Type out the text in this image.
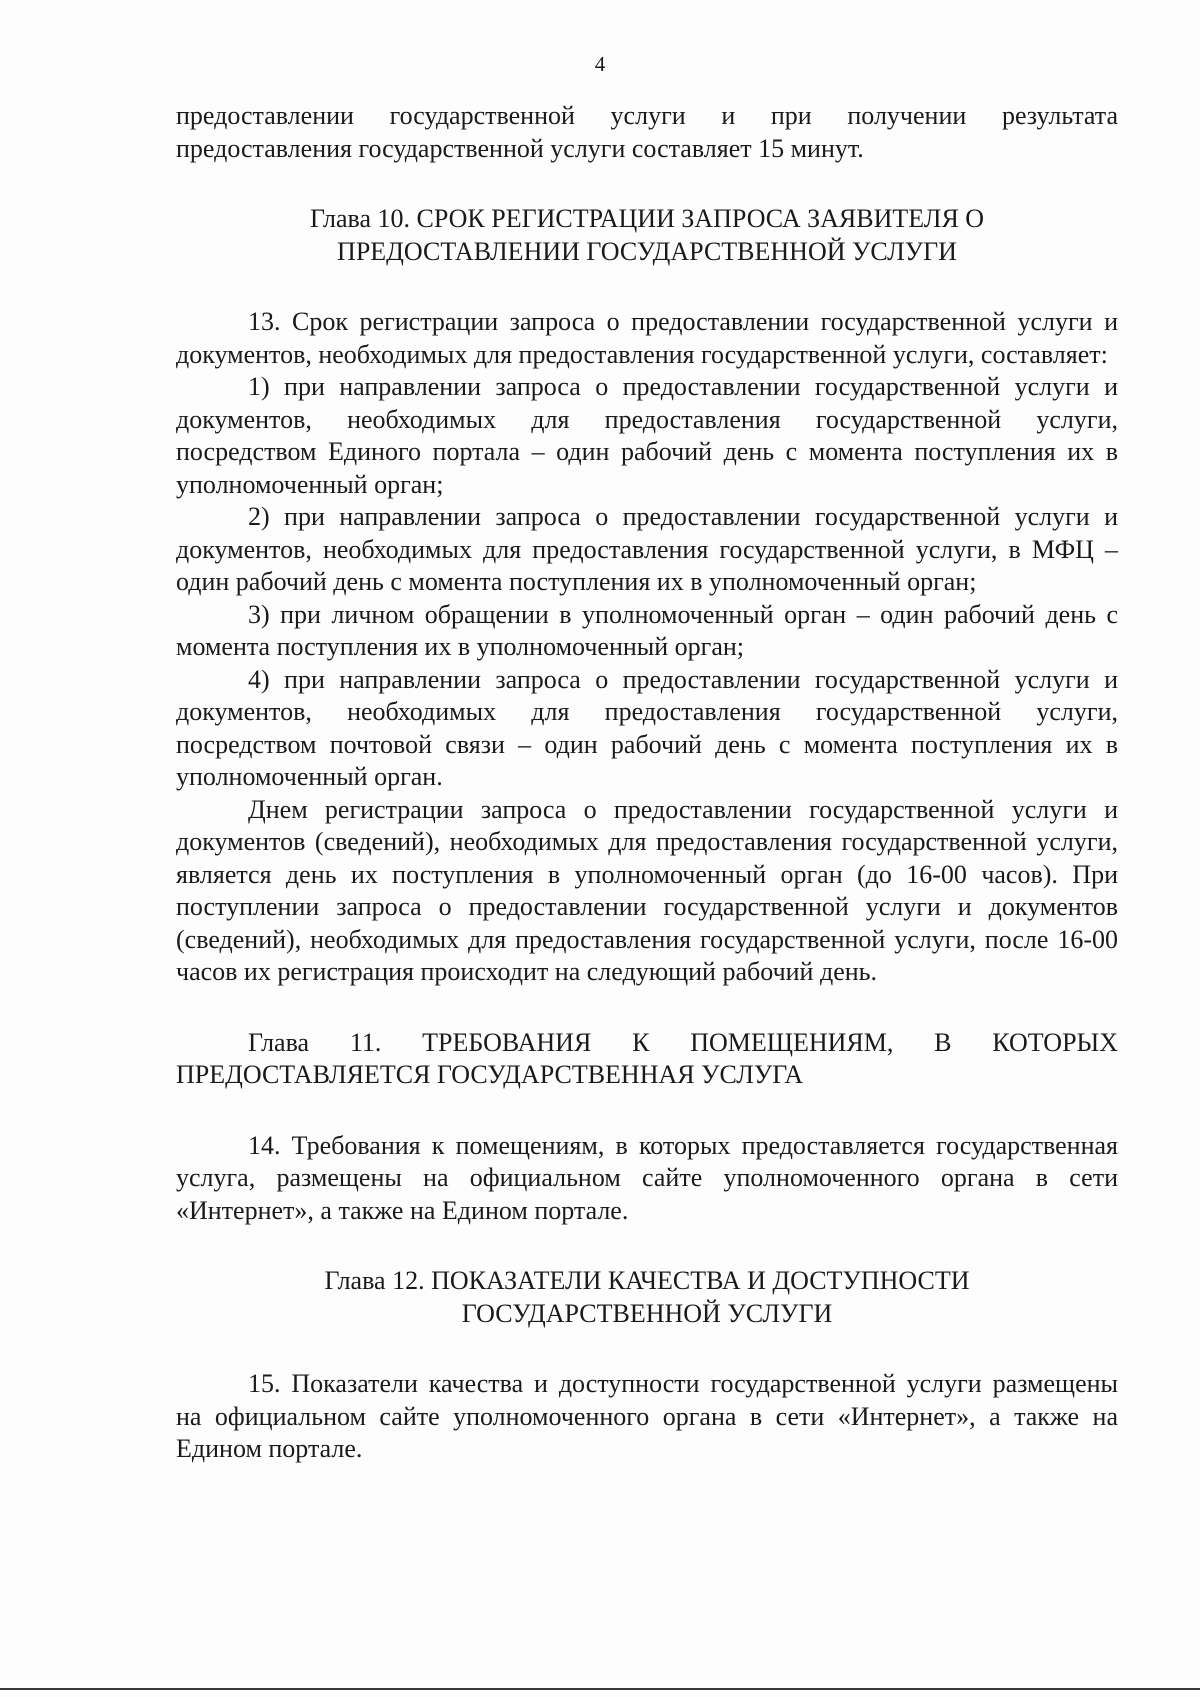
4

предоставлении государственной услуги и при получении результата предоставления государственной услуги составляет 15 минут.

Глава 10. СРОК РЕГИСТРАЦИИ ЗАПРОСА ЗАЯВИТЕЛЯ О

ПРЕДОСТАВЛЕНИИ ГОСУДАРСТВЕННОЙ УСЛУГИ

13. Срок регистрации запроса о предоставлении государственной услуги и документов, необходимых для предоставления государственной услуги, составляет:

1) при направлении запроса о предоставлении государственной услуги и документов, необходимых для предоставления государственной услуги, посредством Единого портала – один рабочий день с момента поступления их в уполномоченный орган;

2) при направлении запроса о предоставлении государственной услуги и документов, необходимых для предоставления государственной услуги, в МФЦ – один рабочий день с момента поступления их в уполномоченный орган;

3) при личном обращении в уполномоченный орган – один рабочий день с момента поступления их в уполномоченный орган;

4) при направлении запроса о предоставлении государственной услуги и документов, необходимых для предоставления государственной услуги, посредством почтовой связи – один рабочий день с момента поступления их в уполномоченный орган.

Днем регистрации запроса о предоставлении государственной услуги и документов (сведений), необходимых для предоставления государственной услуги, является день их поступления в уполномоченный орган (до 16-00 часов). При поступлении запроса о предоставлении государственной услуги и документов (сведений), необходимых для предоставления государственной услуги, после 16-00 часов их регистрация происходит на следующий рабочий день.

Глава 11. ТРЕБОВАНИЯ К ПОМЕЩЕНИЯМ, В КОТОРЫХ ПРЕДОСТАВЛЯЕТСЯ ГОСУДАРСТВЕННАЯ УСЛУГА

14. Требования к помещениям, в которых предоставляется государственная услуга, размещены на официальном сайте уполномоченного органа в сети «Интернет», а также на Едином портале.

Глава 12. ПОКАЗАТЕЛИ КАЧЕСТВА И ДОСТУПНОСТИ

ГОСУДАРСТВЕННОЙ УСЛУГИ

15. Показатели качества и доступности государственной услуги размещены на официальном сайте уполномоченного органа в сети «Интернет», а также на Едином портале.
